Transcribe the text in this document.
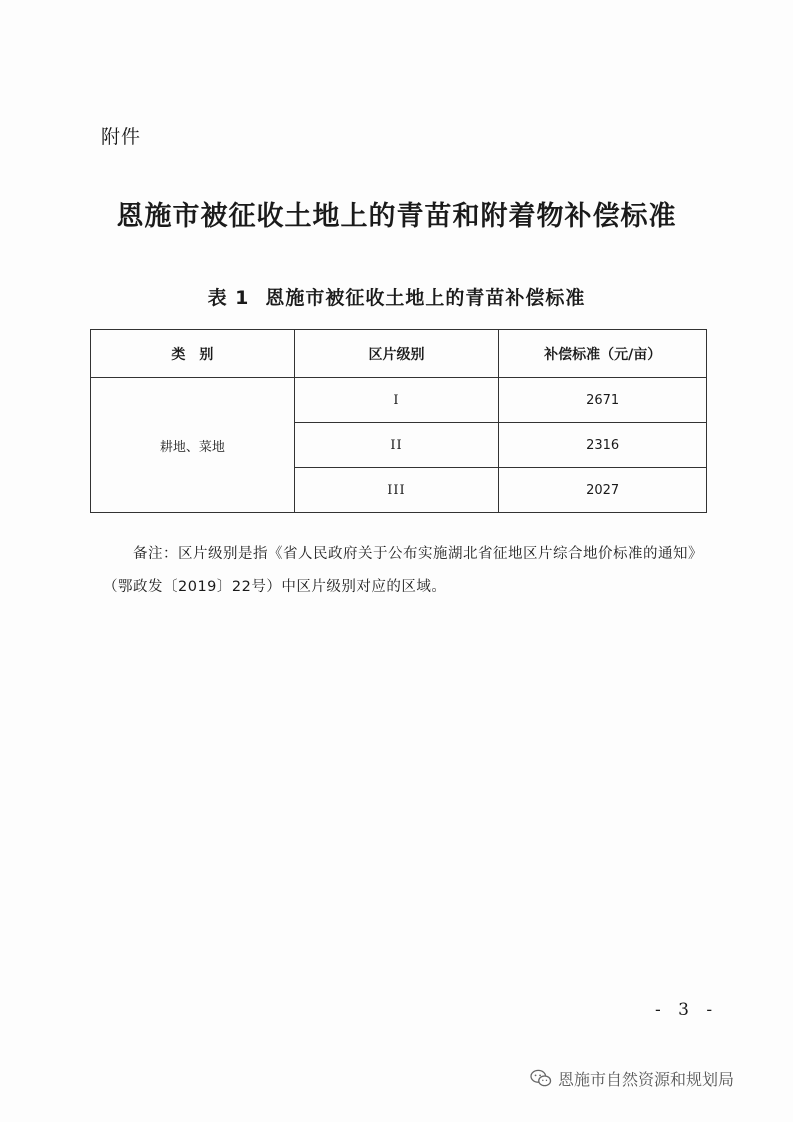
附件
恩施市被征收土地上的青苗和附着物补偿标准
表 1 恩施市被征收土地上的青苗补偿标准
类　别	区片级别	补偿标准（元/亩）
耕地、菜地	I	2671
	II	2316
	III	2027
备注：区片级别是指《省人民政府关于公布实施湖北省征地区片综合地价标准的通知》（鄂政发〔2019〕22号）中区片级别对应的区域。
- 3 -
恩施市自然资源和规划局
